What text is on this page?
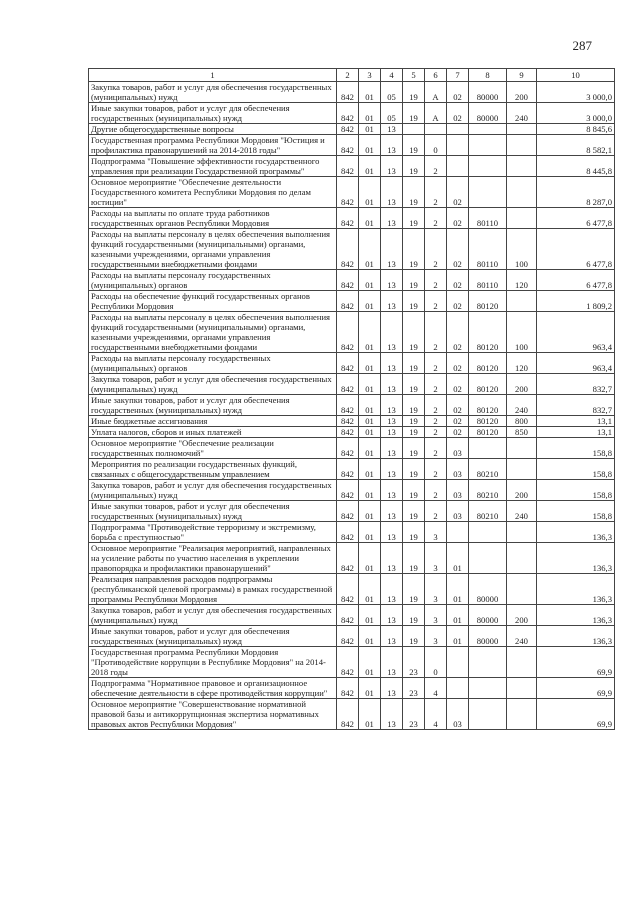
287
1	2	3	4	5	6	7	8	9	10
Закупка товаров, работ и услуг для обеспечения государственных (муниципальных) нужд	842	01	05	19	А	02	80000	200	3 000,0
Иные закупки товаров, работ и услуг для обеспечения государственных (муниципальных) нужд	842	01	05	19	А	02	80000	240	3 000,0
Другие общегосударственные вопросы	842	01	13						8 845,6
Государственная программа Республики Мордовия "Юстиция и профилактика правонарушений на 2014-2018 годы"	842	01	13	19	0				8 582,1
Подпрограмма "Повышение эффективности государственного управления при реализации Государственной программы"	842	01	13	19	2				8 445,8
Основное мероприятие "Обеспечение деятельности Государственного комитета Республики Мордовия по делам юстиции"	842	01	13	19	2	02			8 287,0
Расходы на выплаты по оплате труда работников государственных органов Республики Мордовия	842	01	13	19	2	02	80110		6 477,8
Расходы на выплаты персоналу в целях обеспечения выполнения функций государственными (муниципальными) органами, казенными учреждениями, органами управления государственными внебюджетными фондами	842	01	13	19	2	02	80110	100	6 477,8
Расходы на выплаты персоналу государственных (муниципальных) органов	842	01	13	19	2	02	80110	120	6 477,8
Расходы на обеспечение функций государственных органов Республики Мордовия	842	01	13	19	2	02	80120		1 809,2
Расходы на выплаты персоналу в целях обеспечения выполнения функций государственными (муниципальными) органами, казенными учреждениями, органами управления государственными внебюджетными фондами	842	01	13	19	2	02	80120	100	963,4
Расходы на выплаты персоналу государственных (муниципальных) органов	842	01	13	19	2	02	80120	120	963,4
Закупка товаров, работ и услуг для обеспечения государственных (муниципальных) нужд	842	01	13	19	2	02	80120	200	832,7
Иные закупки товаров, работ и услуг для обеспечения государственных (муниципальных) нужд	842	01	13	19	2	02	80120	240	832,7
Иные бюджетные ассигнования	842	01	13	19	2	02	80120	800	13,1
Уплата налогов, сборов и иных платежей	842	01	13	19	2	02	80120	850	13,1
Основное мероприятие "Обеспечение реализации государственных полномочий"	842	01	13	19	2	03			158,8
Мероприятия по реализации государственных функций, связанных с общегосударственным управлением	842	01	13	19	2	03	80210		158,8
Закупка товаров, работ и услуг для обеспечения государственных (муниципальных) нужд	842	01	13	19	2	03	80210	200	158,8
Иные закупки товаров, работ и услуг для обеспечения государственных (муниципальных) нужд	842	01	13	19	2	03	80210	240	158,8
Подпрограмма "Противодействие терроризму и экстремизму, борьба с преступностью"	842	01	13	19	3				136,3
Основное мероприятие "Реализация мероприятий, направленных на усиление работы по участию населения в укреплении правопорядка и профилактики правонарушений"	842	01	13	19	3	01			136,3
Реализация направления расходов подпрограммы (республиканской целевой программы) в рамках государственной программы Республики Мордовия	842	01	13	19	3	01	80000		136,3
Закупка товаров, работ и услуг для обеспечения государственных (муниципальных) нужд	842	01	13	19	3	01	80000	200	136,3
Иные закупки товаров, работ и услуг для обеспечения государственных (муниципальных) нужд	842	01	13	19	3	01	80000	240	136,3
Государственная программа Республики Мордовия "Противодействие коррупции в Республике Мордовия" на 2014-2018 годы	842	01	13	23	0				69,9
Подпрограмма "Нормативное правовое и организационное обеспечение деятельности в сфере противодействия коррупции"	842	01	13	23	4				69,9
Основное мероприятие "Совершенствование нормативной правовой базы и антикоррупционная экспертиза нормативных правовых актов Республики Мордовия"	842	01	13	23	4	03			69,9
